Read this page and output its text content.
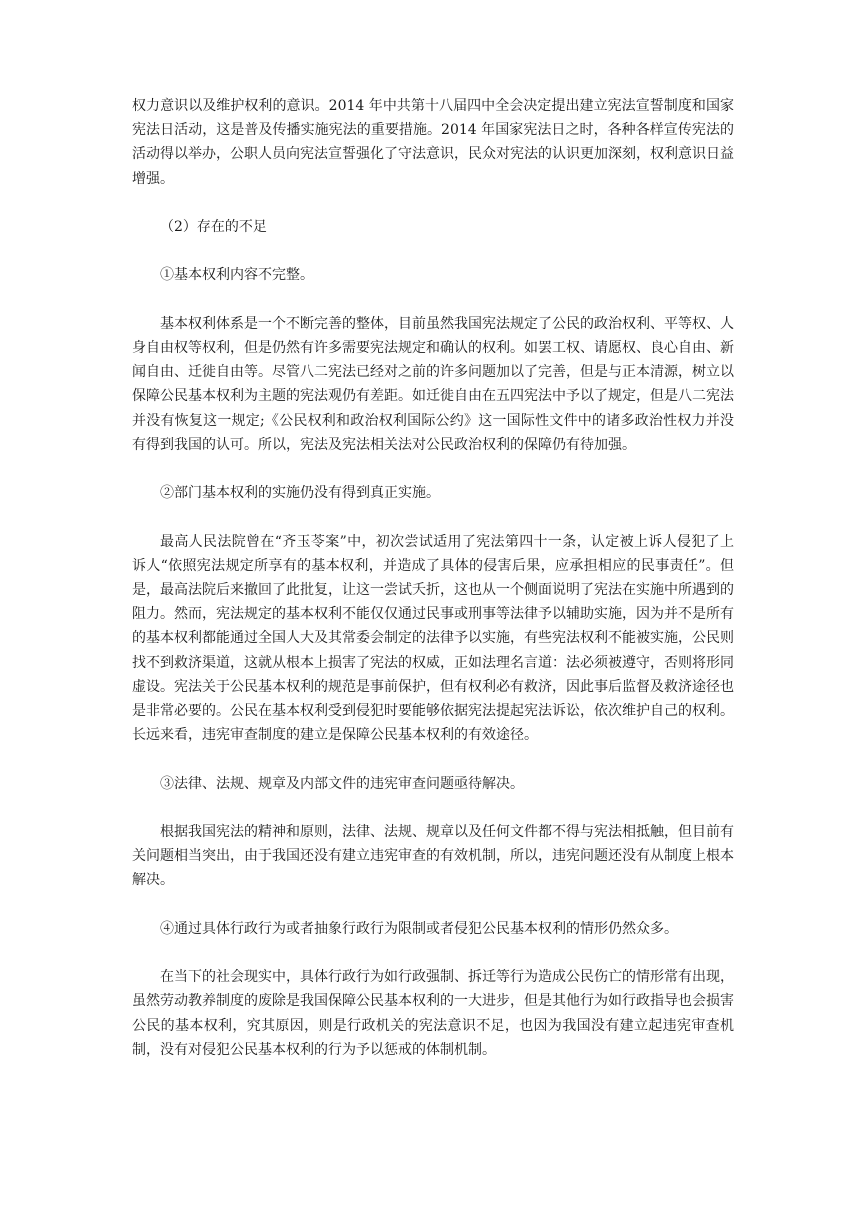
权力意识以及维护权利的意识。2014 年中共第十八届四中全会决定提出建立宪法宣誓制度和国家宪法日活动，这是普及传播实施宪法的重要措施。2014 年国家宪法日之时，各种各样宣传宪法的活动得以举办，公职人员向宪法宣誓强化了守法意识，民众对宪法的认识更加深刻，权利意识日益增强。

（2）存在的不足

①基本权利内容不完整。

基本权利体系是一个不断完善的整体，目前虽然我国宪法规定了公民的政治权利、平等权、人身自由权等权利，但是仍然有许多需要宪法规定和确认的权利。如罢工权、请愿权、良心自由、新闻自由、迁徙自由等。尽管八二宪法已经对之前的许多问题加以了完善，但是与正本清源，树立以保障公民基本权利为主题的宪法观仍有差距。如迁徙自由在五四宪法中予以了规定，但是八二宪法并没有恢复这一规定;《公民权利和政治权利国际公约》这一国际性文件中的诸多政治性权力并没有得到我国的认可。所以，宪法及宪法相关法对公民政治权利的保障仍有待加强。

②部门基本权利的实施仍没有得到真正实施。

最高人民法院曾在“齐玉苓案”中，初次尝试适用了宪法第四十一条，认定被上诉人侵犯了上诉人“依照宪法规定所享有的基本权利，并造成了具体的侵害后果，应承担相应的民事责任”。但是，最高法院后来撤回了此批复，让这一尝试夭折，这也从一个侧面说明了宪法在实施中所遇到的阻力。然而，宪法规定的基本权利不能仅仅通过民事或刑事等法律予以辅助实施，因为并不是所有的基本权利都能通过全国人大及其常委会制定的法律予以实施，有些宪法权利不能被实施，公民则找不到救济渠道，这就从根本上损害了宪法的权威，正如法理名言道：法必须被遵守，否则将形同虚设。宪法关于公民基本权利的规范是事前保护，但有权利必有救济，因此事后监督及救济途径也是非常必要的。公民在基本权利受到侵犯时要能够依据宪法提起宪法诉讼，依次维护自己的权利。长远来看，违宪审查制度的建立是保障公民基本权利的有效途径。

③法律、法规、规章及内部文件的违宪审查问题亟待解决。

根据我国宪法的精神和原则，法律、法规、规章以及任何文件都不得与宪法相抵触，但目前有关问题相当突出，由于我国还没有建立违宪审查的有效机制，所以，违宪问题还没有从制度上根本解决。

④通过具体行政行为或者抽象行政行为限制或者侵犯公民基本权利的情形仍然众多。

在当下的社会现实中，具体行政行为如行政强制、拆迁等行为造成公民伤亡的情形常有出现，虽然劳动教养制度的废除是我国保障公民基本权利的一大进步，但是其他行为如行政指导也会损害公民的基本权利，究其原因，则是行政机关的宪法意识不足，也因为我国没有建立起违宪审查机制，没有对侵犯公民基本权利的行为予以惩戒的体制机制。
